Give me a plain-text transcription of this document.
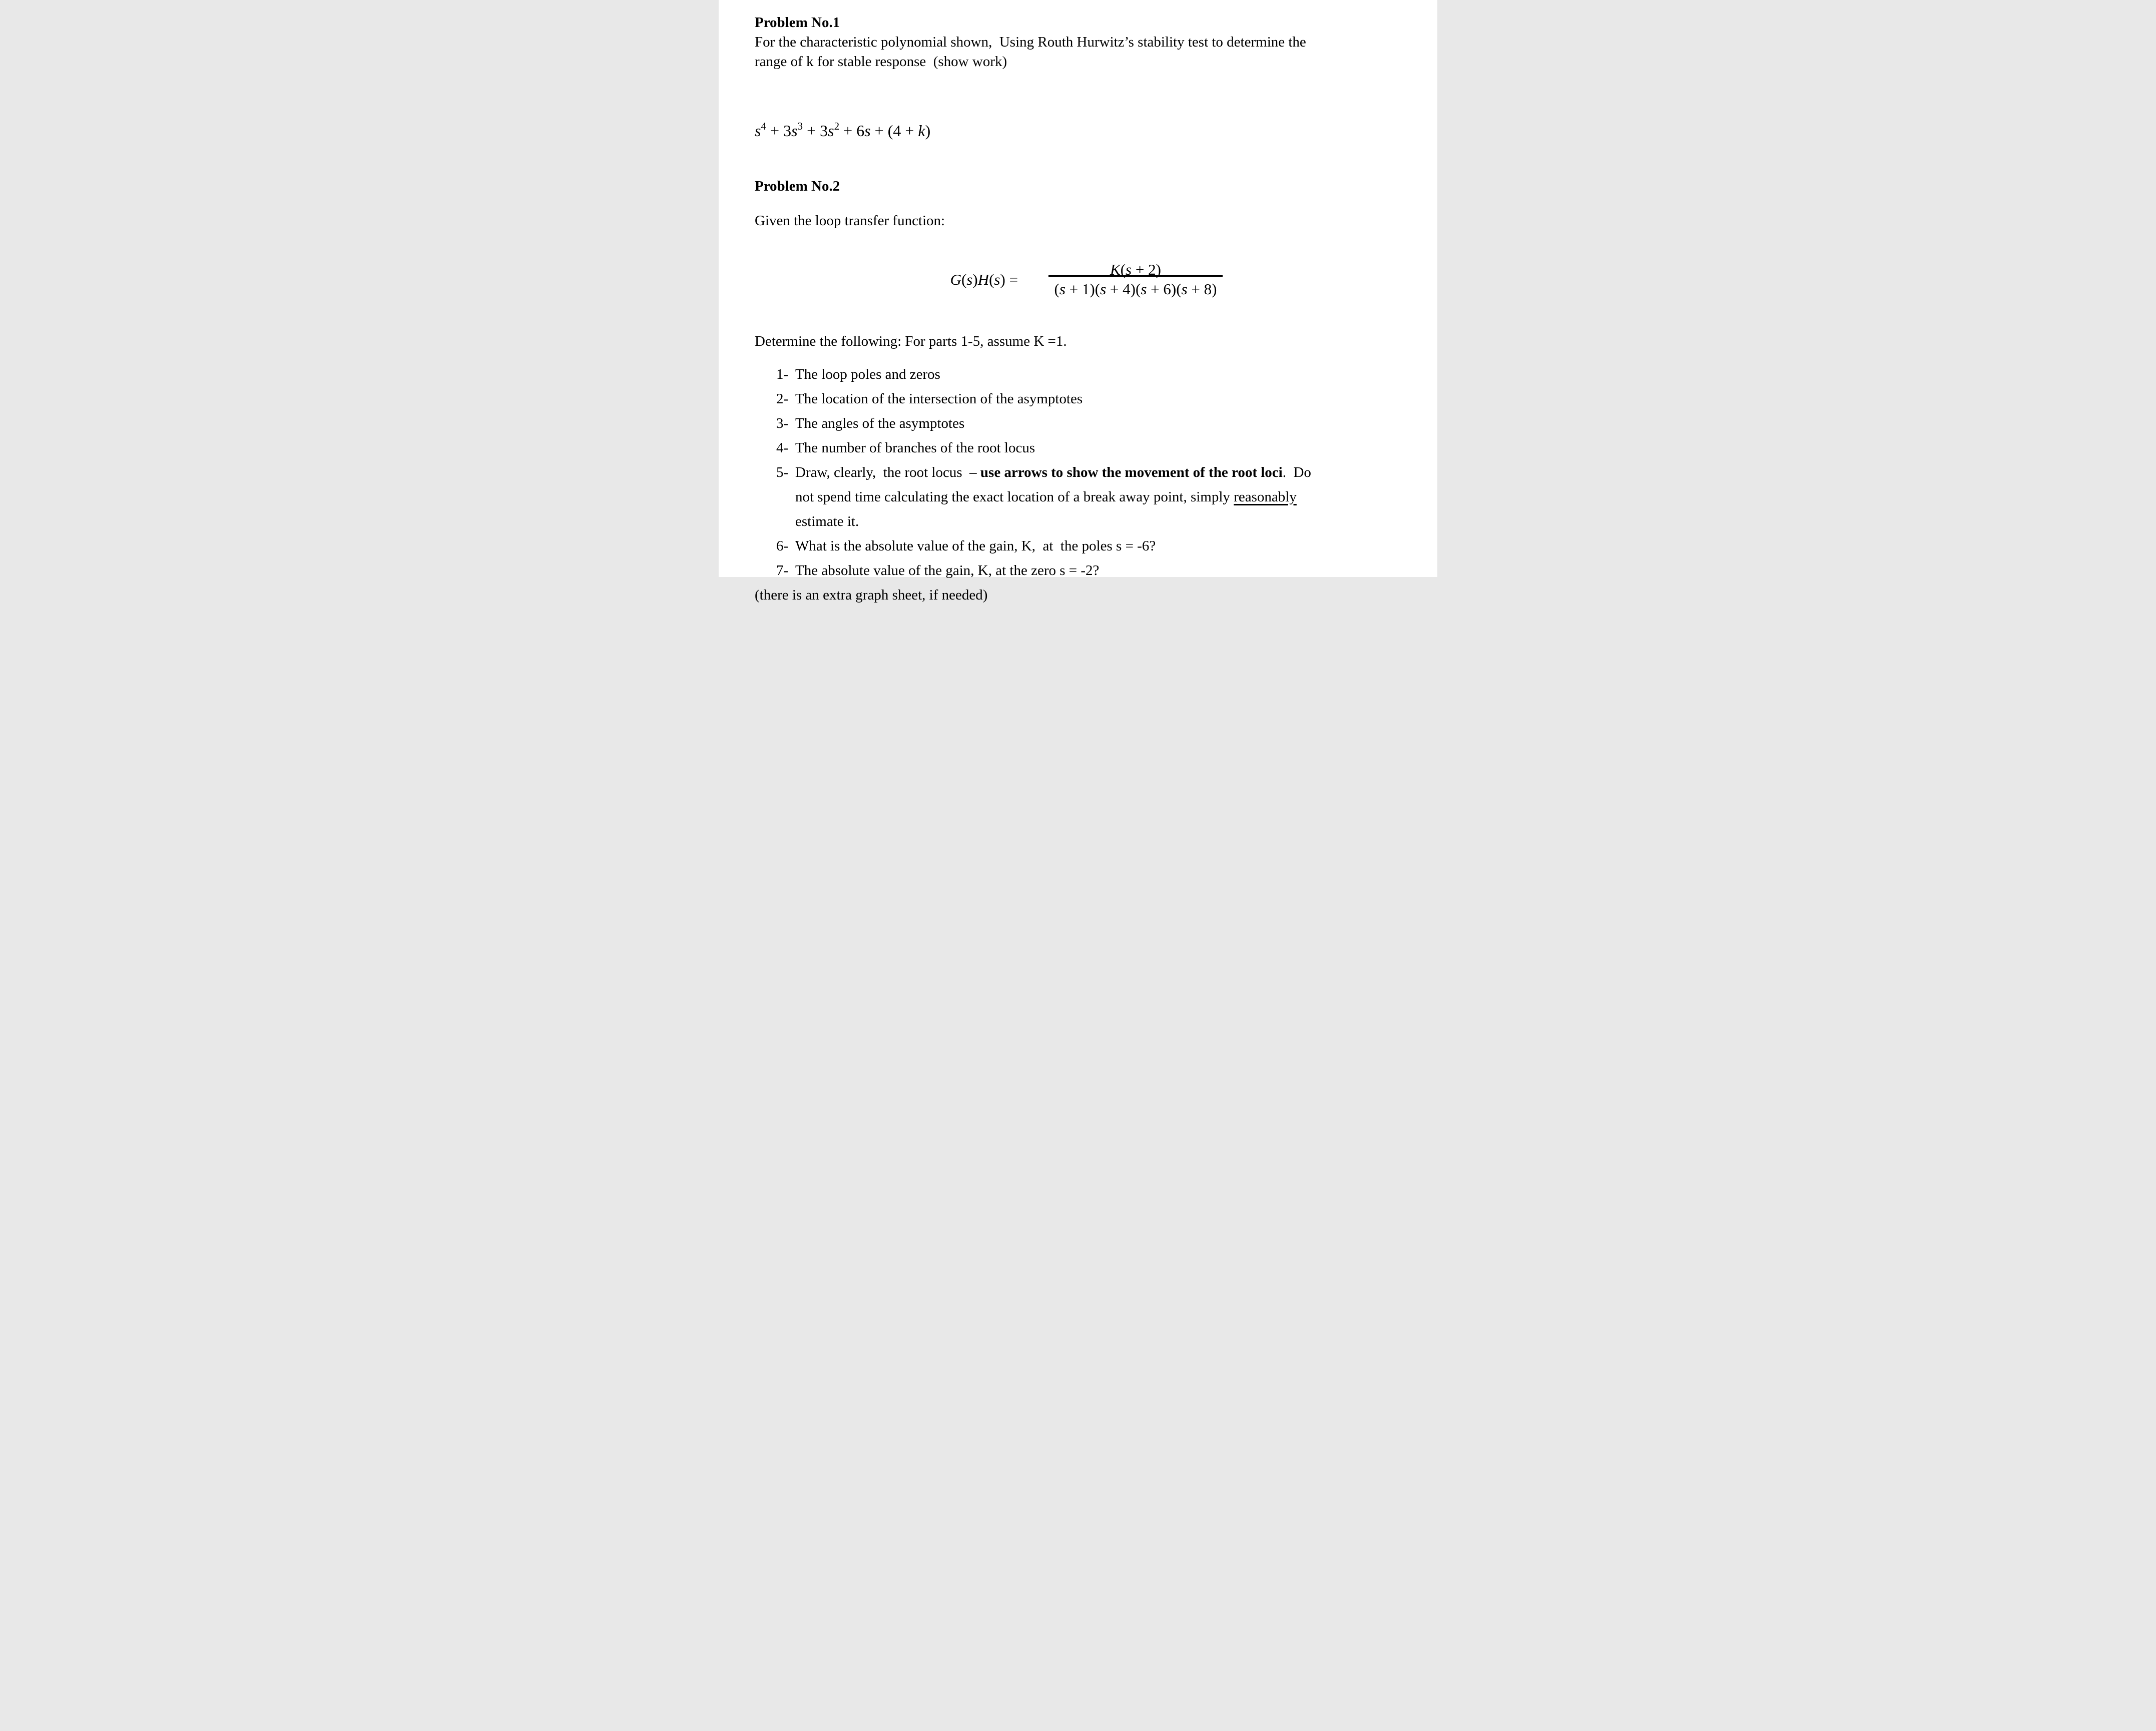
Problem No.1
For the characteristic polynomial shown,  Using Routh Hurwitz’s stability test to determine the
range of k for stable response  (show work)
$s^4 + 3s^3 + 3s^2 + 6s + (4 + k)$
Problem No.2
Given the loop transfer function:
G(s)H(s) =

K(s + 2)
(s + 1)(s + 4)(s + 6)(s + 8)

Determine the following: For parts 1-5, assume K =1.
1- The loop poles and zeros
2- The location of the intersection of the asymptotes
3- The angles of the asymptotes
4- The number of branches of the root locus
5- Draw, clearly,  the root locus  – use arrows to show the movement of the root loci.  Do
not spend time calculating the exact location of a break away point, simply reasonably
estimate it.
6- What is the absolute value of the gain, K,  at  the poles s = -6?
7- The absolute value of the gain, K, at the zero s = -2?
(there is an extra graph sheet, if needed)
